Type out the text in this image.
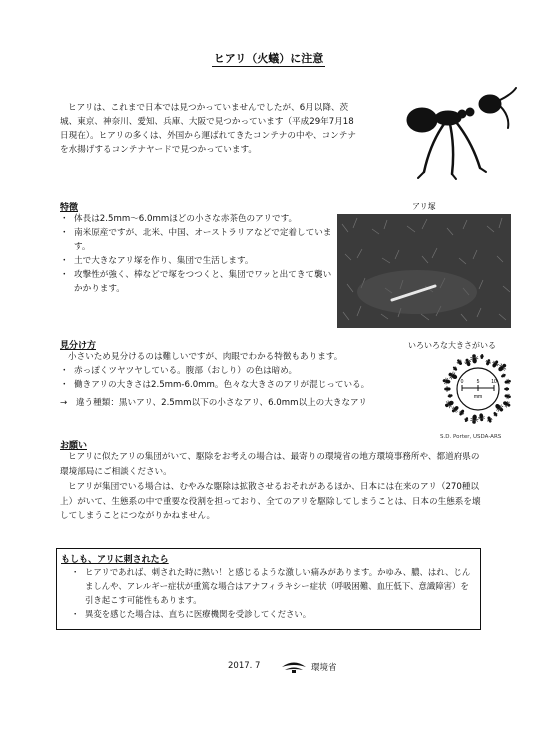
ヒアリ（火蟻）に注意
ヒアリは、これまで日本では見つかっていませんでしたが、6月以降、茨城、東京、神奈川、愛知、兵庫、大阪で見つかっています（平成29年7月18日現在）。ヒアリの多くは、外国から運ばれてきたコンテナの中や、コンテナを水揚げするコンテナヤードで見つかっています。
特徴
・ 体長は2.5mm～6.0mmほどの小さな赤茶色のアリです。
・ 南米原産ですが、北米、中国、オーストラリアなどで定着しています。
・ 土で大きなアリ塚を作り、集団で生活します。
・ 攻撃性が強く、棒などで塚をつつくと、集団でワッと出てきて襲いかかります。
アリ塚
見分け方	いろいろな大きさがいる
小さいため見分けるのは難しいですが、肉眼でわかる特徴もあります。
・ 赤っぽくツヤツヤしている。腹部（おしり）の色は暗め。
・ 働きアリの大きさは2.5mm-6.0mm。色々な大きさのアリが混じっている。
→ 違う種類：黒いアリ、2.5mm以下の小さなアリ、6.0mm以上の大きなアリ
0	5 10
mm
S.D. Porter, USDA-ARS
お願い
ヒアリに似たアリの集団がいて、駆除をお考えの場合は、最寄りの環境省の地方環境事務所や、都道府県の環境部局にご相談ください。
ヒアリが集団でいる場合は、むやみな駆除は拡散させるおそれがあるほか、日本には在来のアリ（270種以上）がいて、生態系の中で重要な役割を担っており、全てのアリを駆除してしまうことは、日本の生態系を壊してしまうことにつながりかねません。
もしも、アリに刺されたら
・ ヒアリであれば、刺された時に熱い！と感じるような激しい痛みがあります。かゆみ、膿、はれ、じんましんや、アレルギー症状が重篤な場合はアナフィラキシー症状（呼吸困難、血圧低下、意識障害）を引き起こす可能性もあります。
・ 異変を感じた場合は、直ちに医療機関を受診してください。
2017. 7	環境省
